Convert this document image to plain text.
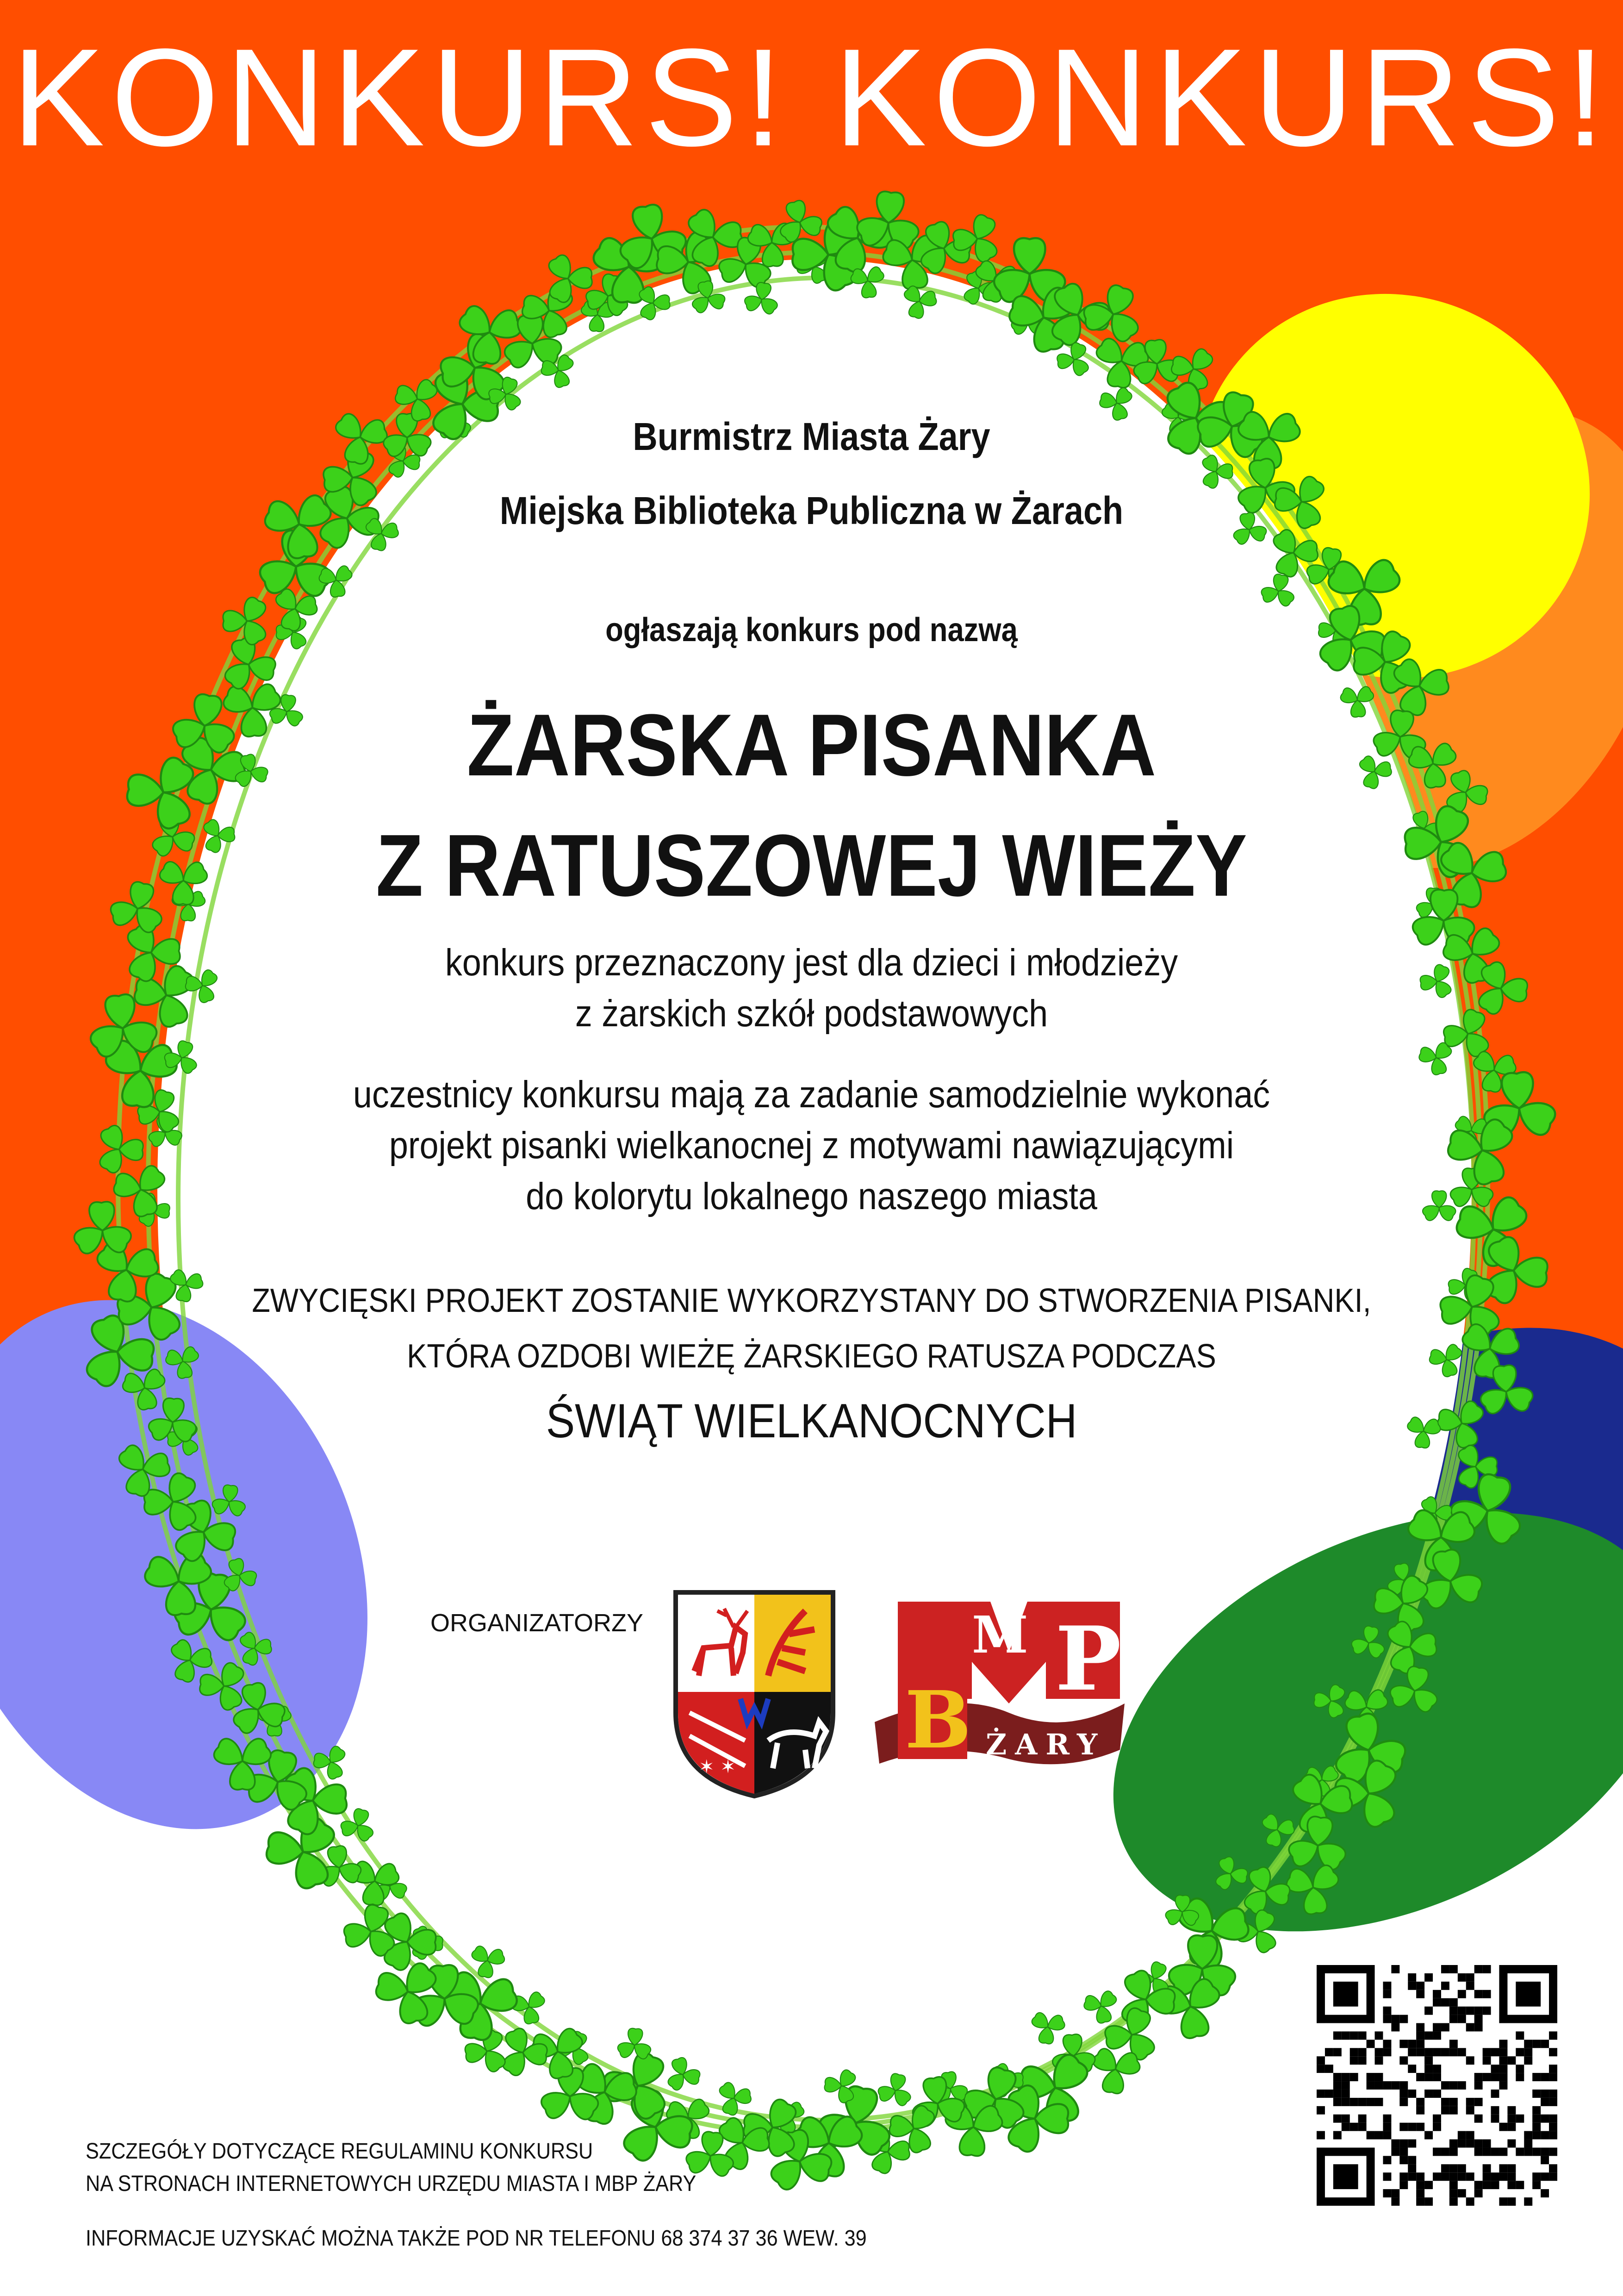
KONKURS! KONKURS!
Burmistrz Miasta Żary
Miejska Biblioteka Publiczna w Żarach
ogłaszają konkurs pod nazwą
ŻARSKA PISANKA
Z RATUSZOWEJ WIEŻY
konkurs przeznaczony jest dla dzieci i młodzieży
z żarskich szkół podstawowych
uczestnicy konkursu mają za zadanie samodzielnie wykonać
projekt pisanki wielkanocnej z motywami nawiązującymi
do kolorytu lokalnego naszego miasta
ZWYCIĘSKI PROJEKT ZOSTANIE WYKORZYSTANY DO STWORZENIA PISANKI,
KTÓRA OZDOBI WIEŻĘ ŻARSKIEGO RATUSZA PODCZAS
ŚWIĄT WIELKANOCNYCH
ORGANIZATORZY
✶ ✶
B
M P
ŻARY
SZCZEGÓŁY DOTYCZĄCE REGULAMINU KONKURSU
NA STRONACH INTERNETOWYCH URZĘDU MIASTA I MBP ŻARY
INFORMACJE UZYSKAĆ MOŻNA TAKŻE POD NR TELEFONU 68 374 37 36 WEW. 39
